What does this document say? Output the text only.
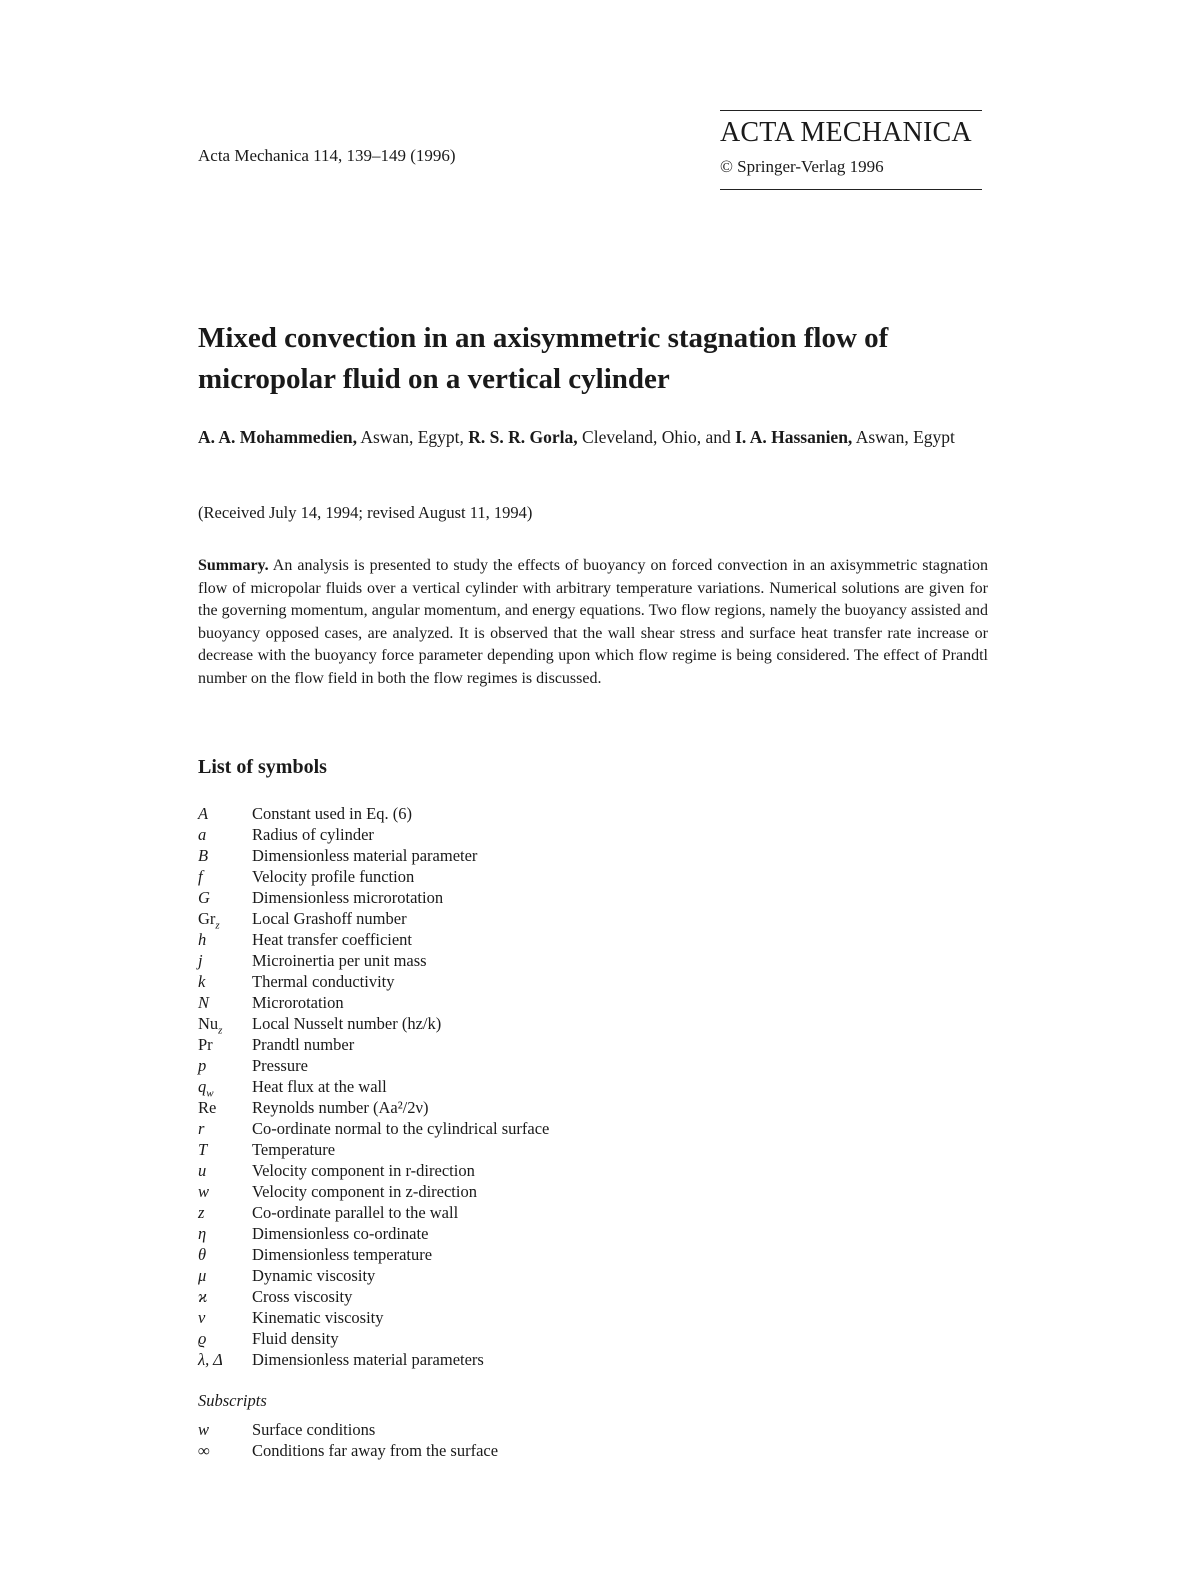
Acta Mechanica 114, 139–149 (1996)
ACTA MECHANICA
© Springer-Verlag 1996
Mixed convection in an axisymmetric stagnation flow of micropolar fluid on a vertical cylinder
A. A. Mohammedien, Aswan, Egypt, R. S. R. Gorla, Cleveland, Ohio, and I. A. Hassanien, Aswan, Egypt
(Received July 14, 1994; revised August 11, 1994)

Summary. An analysis is presented to study the effects of buoyancy on forced convection in an axisymmetric stagnation flow of micropolar fluids over a vertical cylinder with arbitrary temperature variations. Numerical solutions are given for the governing momentum, angular momentum, and energy equations. Two flow regions, namely the buoyancy assisted and buoyancy opposed cases, are analyzed. It is observed that the wall shear stress and surface heat transfer rate increase or decrease with the buoyancy force parameter depending upon which flow regime is being considered. The effect of Prandtl number on the flow field in both the flow regimes is discussed.

List of symbols
A	Constant used in Eq. (6)
a	Radius of cylinder
B	Dimensionless material parameter
f	Velocity profile function
G	Dimensionless microrotation
$Gr_z$	Local Grashoff number
h	Heat transfer coefficient
j	Microinertia per unit mass
k	Thermal conductivity
N	Microrotation
$Nu_z$	Local Nusselt number (hz/k)
Pr	Prandtl number
p	Pressure
$q_w$	Heat flux at the wall
Re	Reynolds number (Aa²/2ν)
r	Co-ordinate normal to the cylindrical surface
T	Temperature
u	Velocity component in r-direction
w	Velocity component in z-direction
z	Co-ordinate parallel to the wall
η	Dimensionless co-ordinate
θ	Dimensionless temperature
μ	Dynamic viscosity
ϰ	Cross viscosity
ν	Kinematic viscosity
ϱ	Fluid density
λ, Δ	Dimensionless material parameters
Subscripts
w	Surface conditions
∞	Conditions far away from the surface
